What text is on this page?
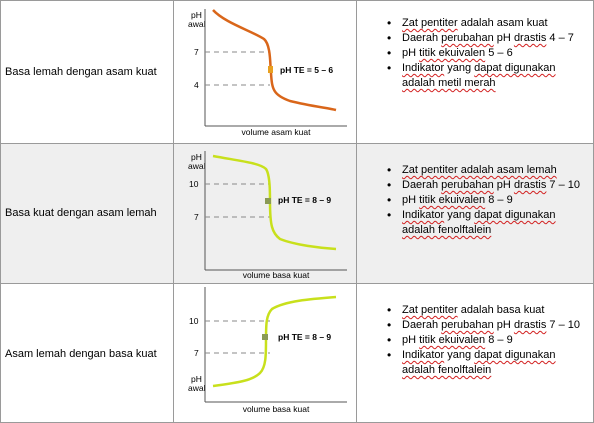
Basa lemah dengan asam kuat
pH awal
7
4
pH TE = 5 – 6
volume asam kuat
• Zat pentiter adalah asam kuat
• Daerah perubahan pH drastis 4 – 7
• pH titik ekuivalen 5 – 6
• Indikator yang dapat digunakan adalah metil merah
Basa kuat dengan asam lemah
pH awal
10
7
pH TE = 8 – 9
volume basa kuat
• Zat pentiter adalah asam lemah
• Daerah perubahan pH drastis 7 – 10
• pH titik ekuivalen 8 – 9
• Indikator yang dapat digunakan adalah fenolftalein
Asam lemah dengan basa kuat
10
7
pH TE = 8 – 9
pH awal
volume basa kuat
• Zat pentiter adalah basa kuat
• Daerah perubahan pH drastis 7 – 10
• pH titik ekuivalen 8 – 9
• Indikator yang dapat digunakan adalah fenolftalein
